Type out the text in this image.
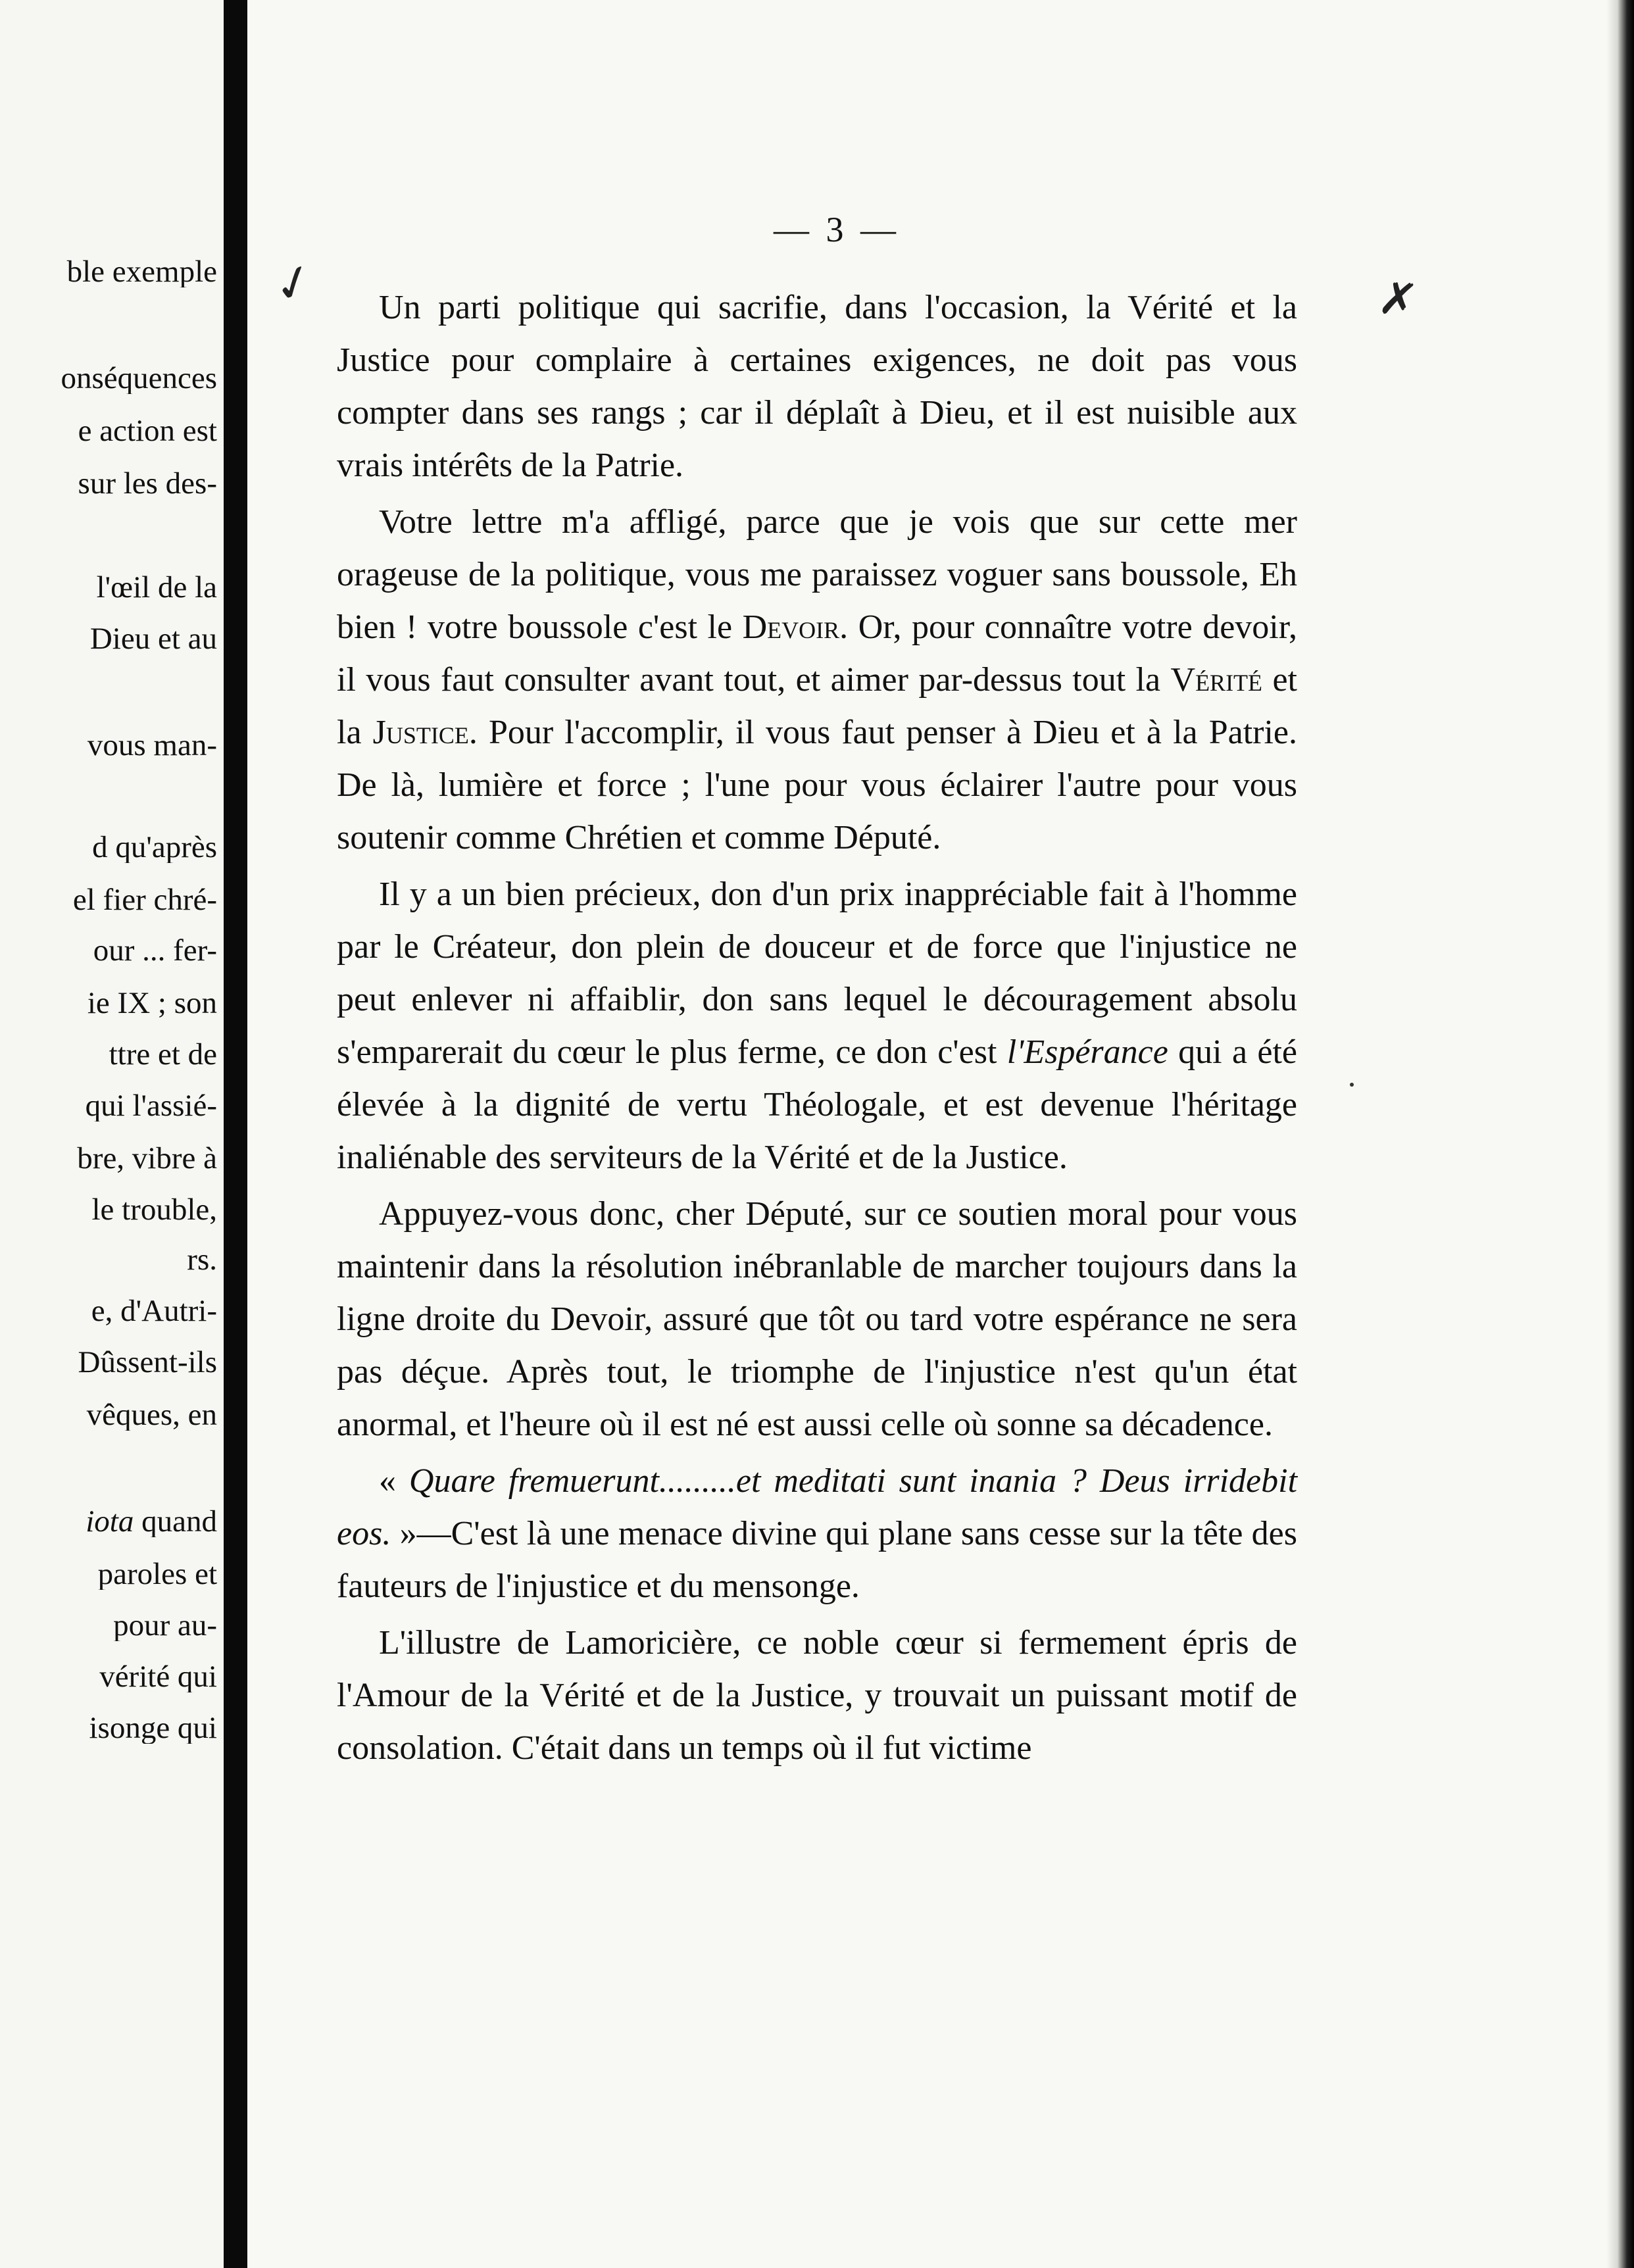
ble exemple
onséquences
e action est
sur les des-
l'œil de la
Dieu et au
vous man-
d qu'après
el fier chré-
our ... fer-
ie IX ; son
ttre et de
qui l'assié-
bre, vibre à
le trouble,
rs.
e, d'Autri-
Dûssent-ils
vêques, en
iota quand
paroles et
pour au-
vérité qui
isonge qui
— 3 —
✓	✗

Un parti politique qui sacrifie, dans l'occasion, la Vérité et la Justice pour complaire à certaines exigences, ne doit pas vous compter dans ses rangs ; car il déplaît à Dieu, et il est nuisible aux vrais intérêts de la Patrie.

Votre lettre m'a affligé, parce que je vois que sur cette mer orageuse de la politique, vous me paraissez voguer sans boussole, Eh bien ! votre boussole c'est le Devoir. Or, pour connaître votre devoir, il vous faut consulter avant tout, et aimer par-dessus tout la Vérité et la Justice. Pour l'accomplir, il vous faut penser à Dieu et à la Patrie. De là, lumière et force ; l'une pour vous éclairer l'autre pour vous soutenir comme Chrétien et comme Député.

Il y a un bien précieux, don d'un prix inappréciable fait à l'homme par le Créateur, don plein de douceur et de force que l'injustice ne peut enlever ni affaiblir, don sans lequel le découragement absolu s'emparerait du cœur le plus ferme, ce don c'est l'Espérance qui a été élevée à la dignité de vertu Théologale, et est devenue l'héritage inaliénable des serviteurs de la Vérité et de la Justice.

Appuyez-vous donc, cher Député, sur ce soutien moral pour vous maintenir dans la résolution inébranlable de marcher toujours dans la ligne droite du Devoir, assuré que tôt ou tard votre espérance ne sera pas déçue. Après tout, le triomphe de l'injustice n'est qu'un état anormal, et l'heure où il est né est aussi celle où sonne sa décadence.

« Quare fremuerunt.........et meditati sunt inania ? Deus irridebit eos. »—C'est là une menace divine qui plane sans cesse sur la tête des fauteurs de l'injustice et du mensonge.

L'illustre de Lamoricière, ce noble cœur si fermement épris de l'Amour de la Vérité et de la Justice, y trouvait un puissant motif de consolation. C'était dans un temps où il fut victime
